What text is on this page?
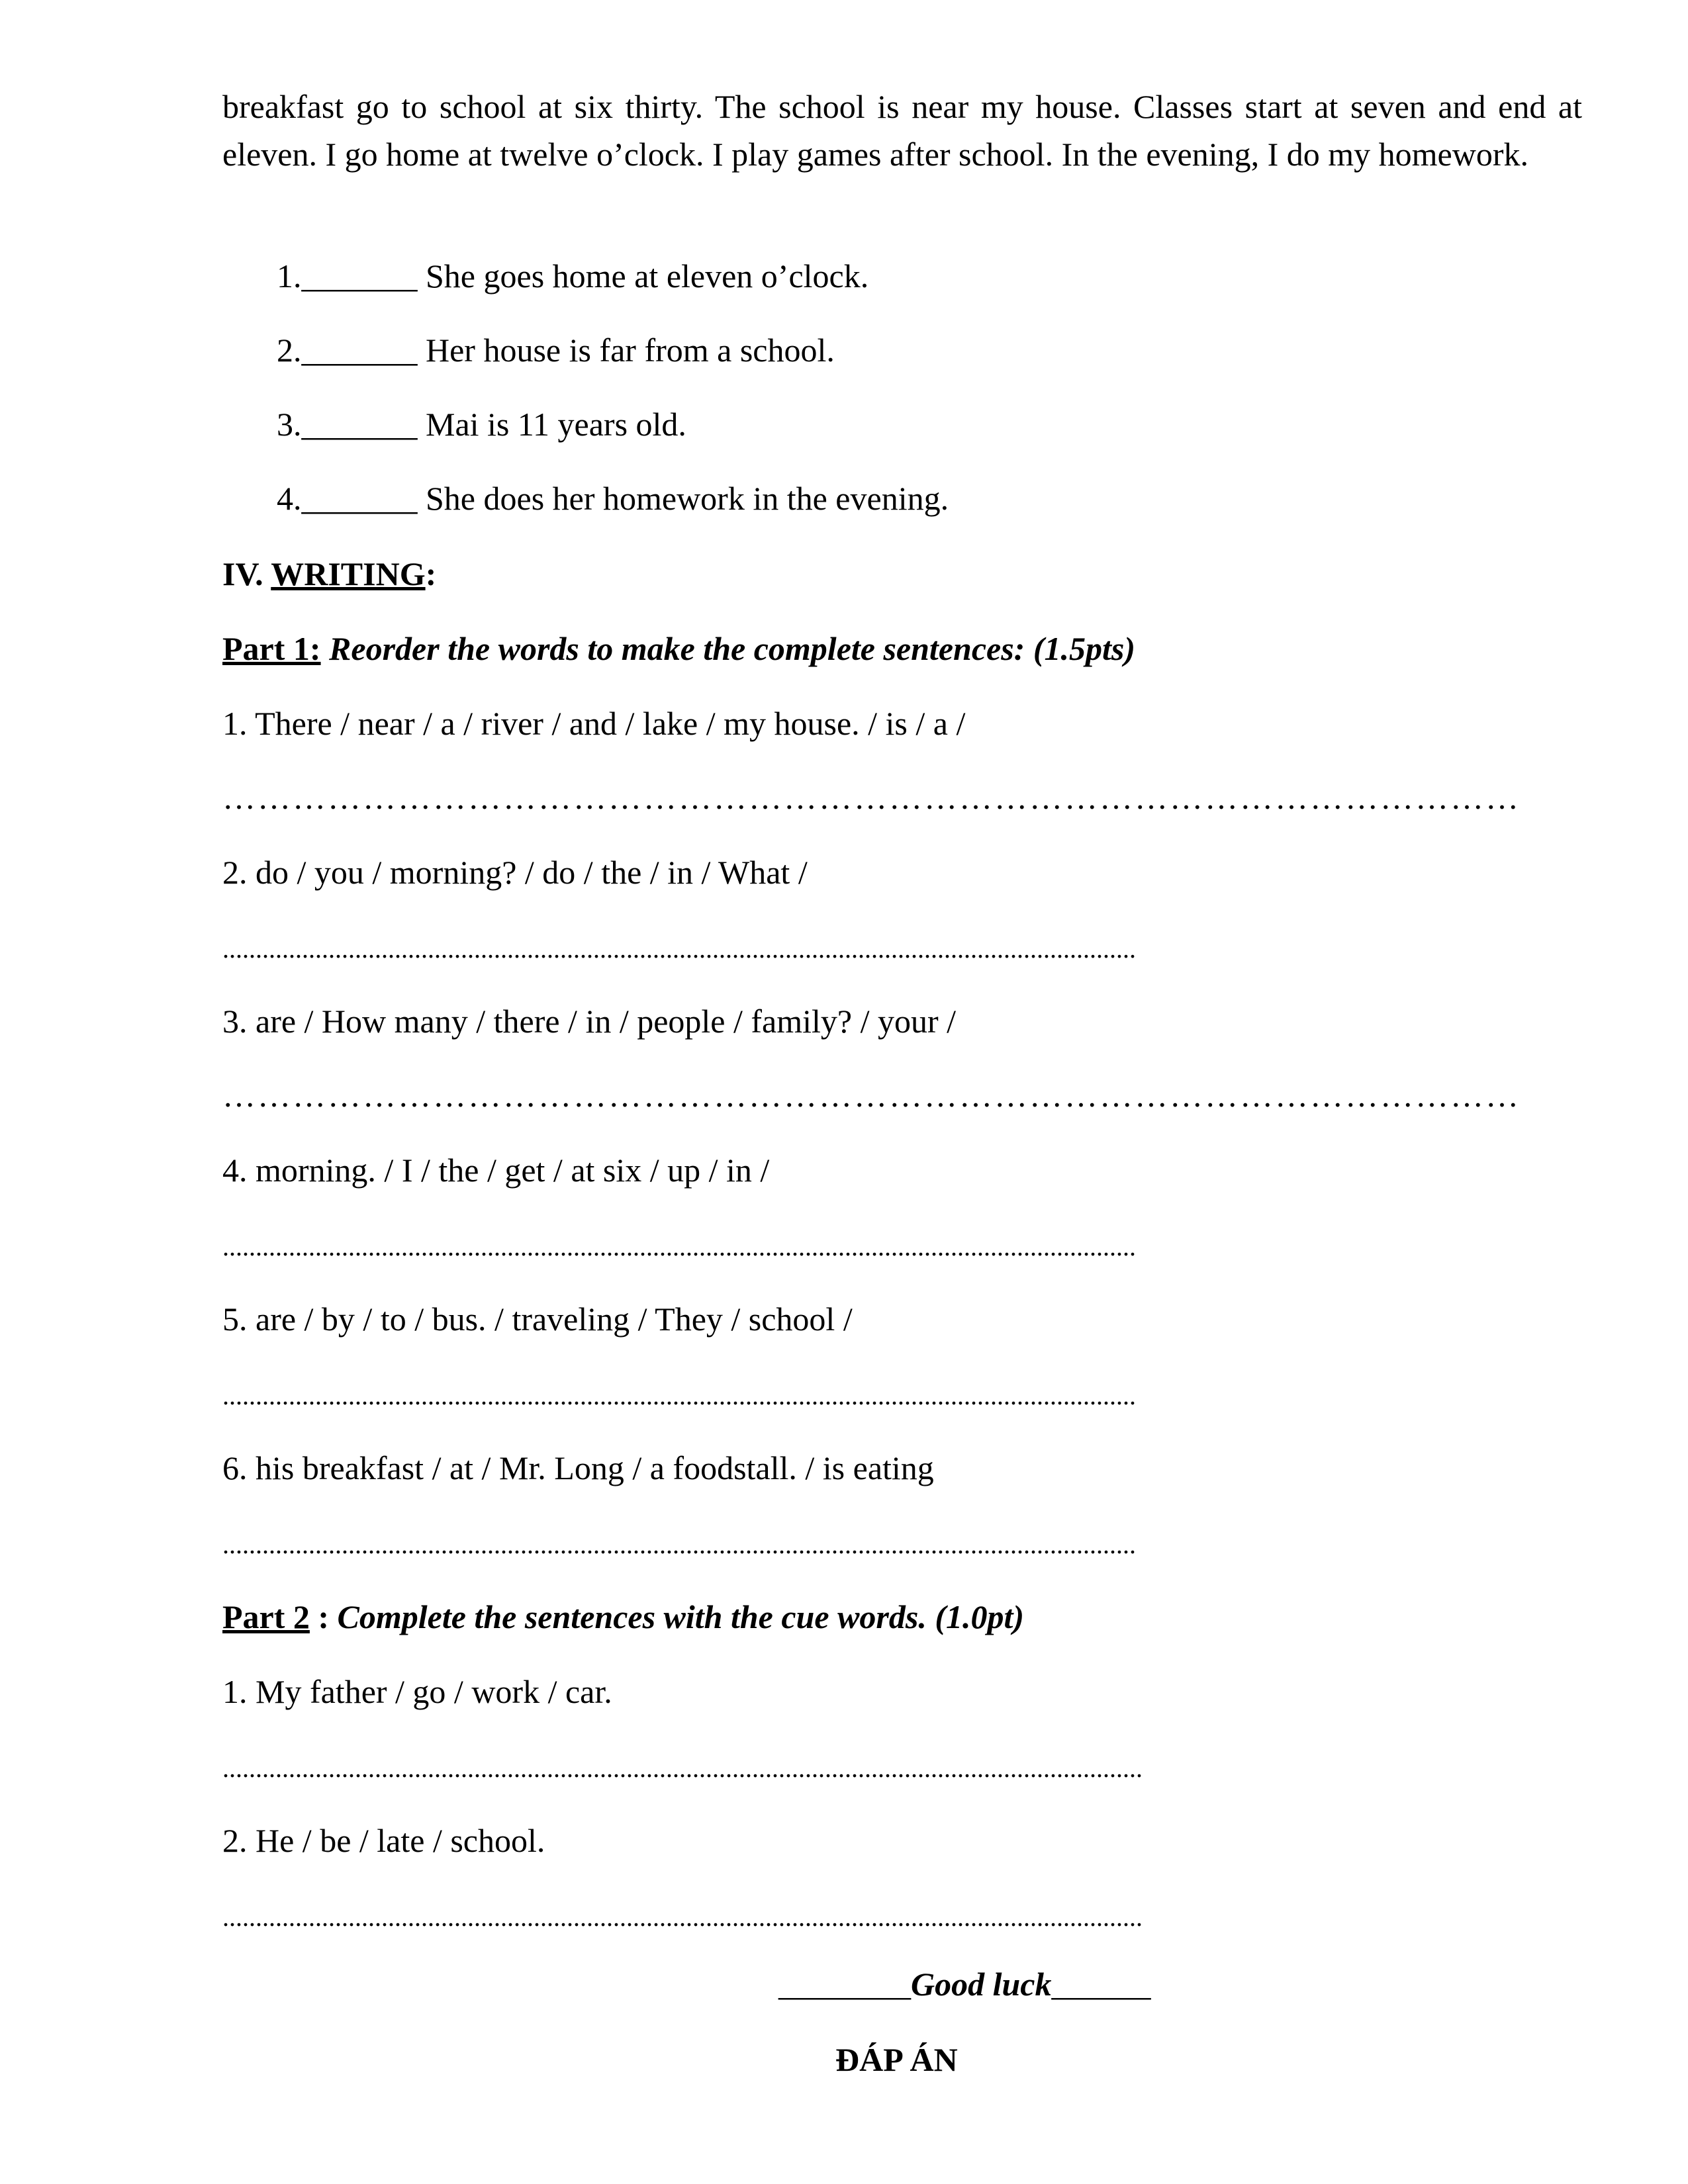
breakfast go to school at six thirty. The school is near my house. Classes start at seven and end at eleven. I go home at twelve o’clock. I play games after school. In the evening, I do my homework.

1._______ She goes home at eleven o’clock.

2._______ Her house is far from a school.

3._______ Mai is 11 years old.

4._______ She does her homework in the evening.

IV. WRITING:

Part 1: Reorder the words to make the complete sentences: (1.5pts)

1. There / near / a / river / and / lake / my house. / is / a /

…………………………………………………………………………………………………

2. do / you / morning? / do / the / in / What /

..........................................................................................................................................

3. are / How many / there / in / people / family? / your /

…………………………………………………………………………………………………

4. morning. / I / the / get / at six / up / in /

..........................................................................................................................................

5. are / by / to / bus. / traveling / They / school /

..........................................................................................................................................

6. his breakfast / at / Mr. Long / a foodstall. / is eating

..........................................................................................................................................

Part 2 : Complete the sentences with the cue words. (1.0pt)

1. My father / go / work / car.

...........................................................................................................................................

2. He / be / late / school.

...........................................................................................................................................

________Good luck______

ĐÁP ÁN
